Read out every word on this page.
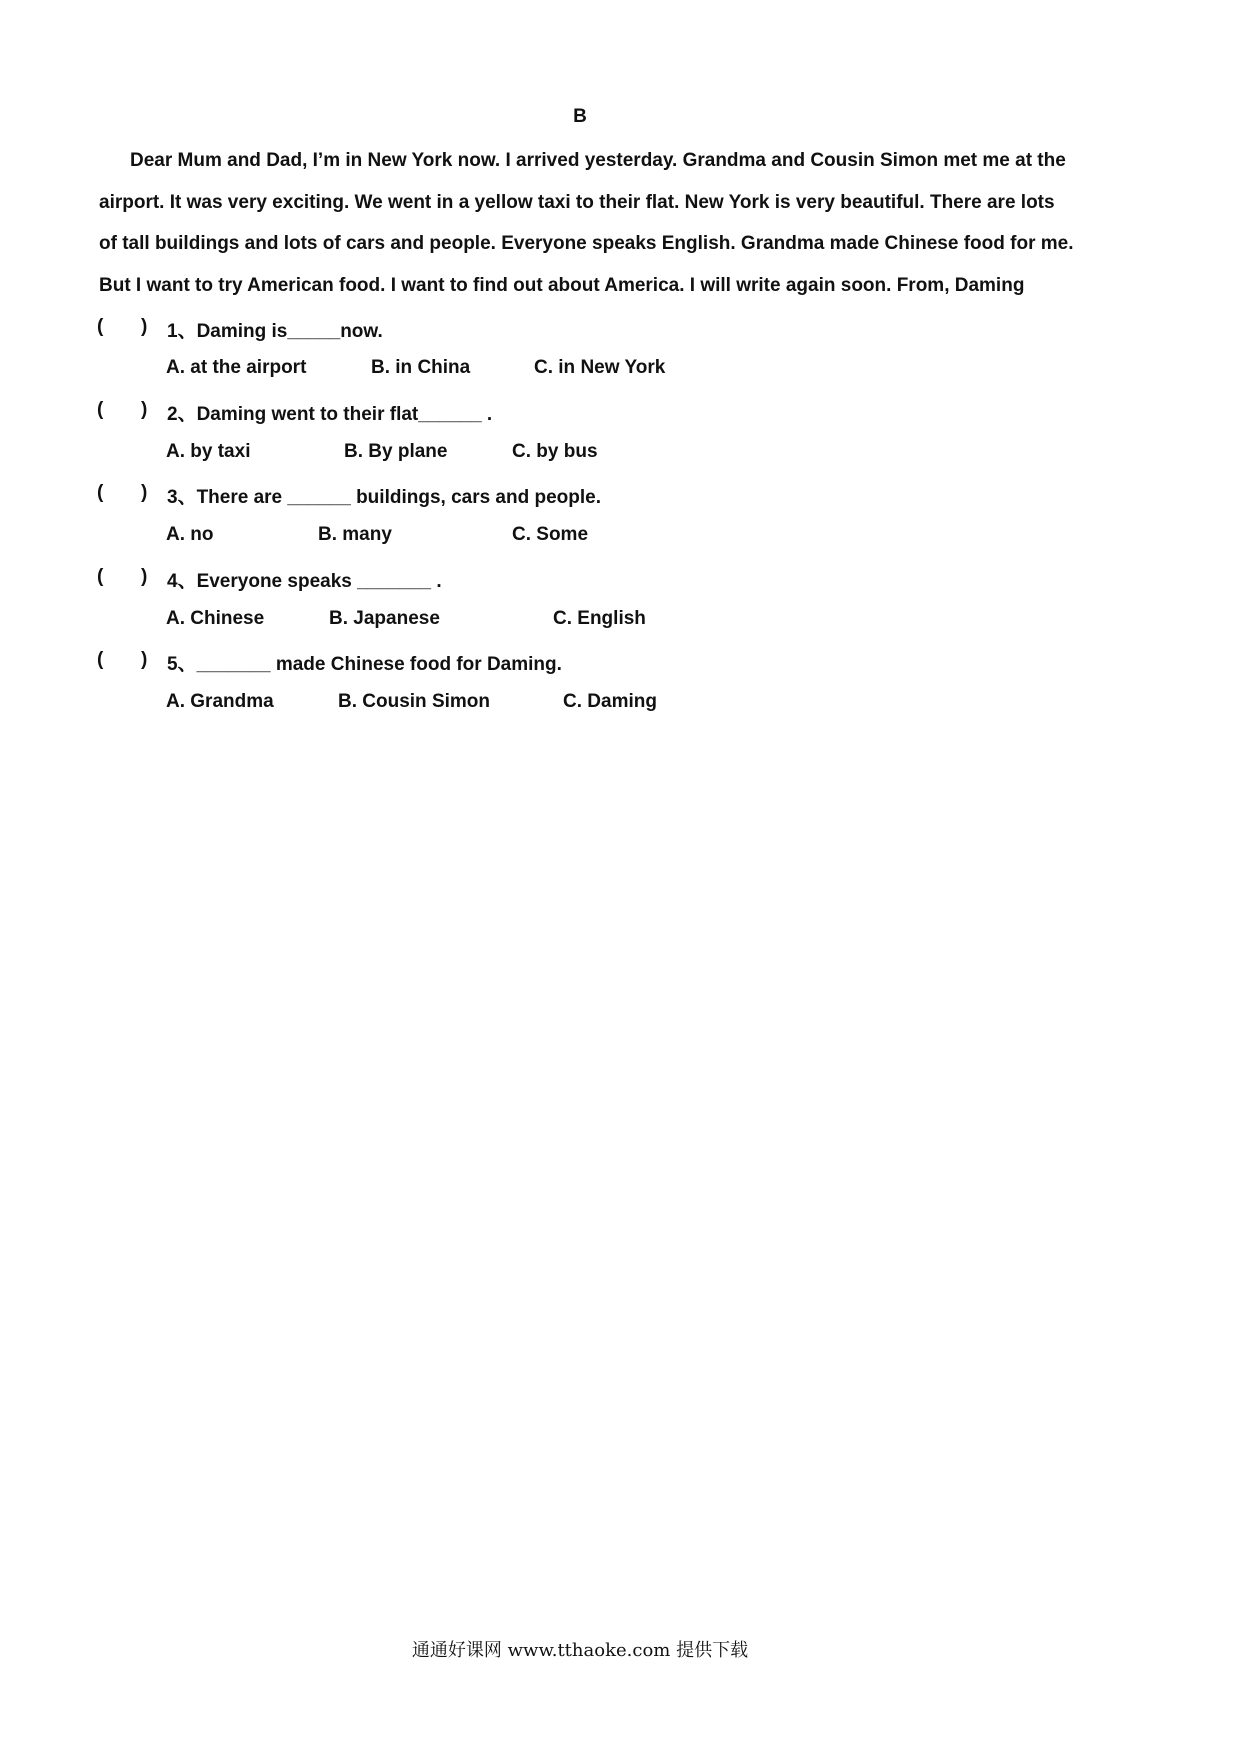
B
Dear Mum and Dad, I’m in New York now. I arrived yesterday. Grandma and Cousin Simon met me at the
airport. It was very exciting. We went in a yellow taxi to their flat. New York is very beautiful. There are lots
of tall buildings and lots of cars and people. Everyone speaks English. Grandma made Chinese food for me.
But I want to try American food. I want to find out about America. I will write again soon. From, Daming
( ) 1、Daming is_____now.
A. at the airport	B. in China	C. in New York
( ) 2、Daming went to their flat______ .
A. by taxi	B. By plane	C. by bus
( ) 3、There are ______ buildings, cars and people.
A. no	B. many	C. Some
( ) 4、Everyone speaks _______ .
A. Chinese	B. Japanese	C. English
( ) 5、_______ made Chinese food for Daming.
A. Grandma	B. Cousin Simon	C. Daming
通通好课网 www.tthaoke.com 提供下载
